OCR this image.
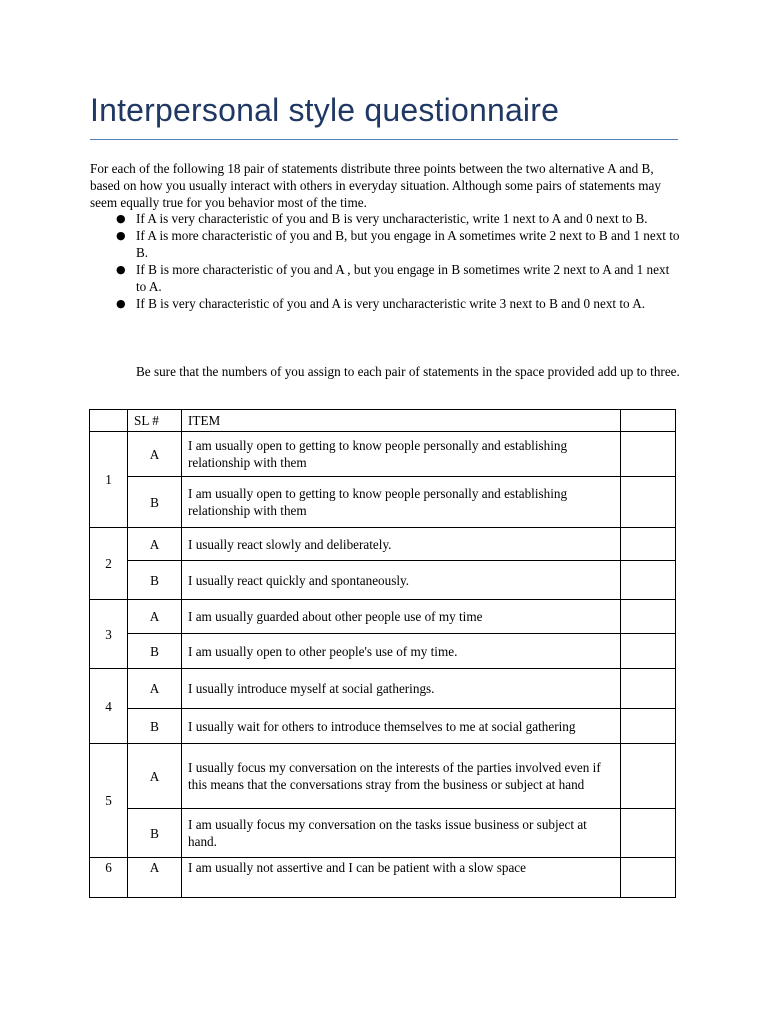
Interpersonal style questionnaire
For each of the following 18 pair of statements distribute three points between the two alternative A and B, based on how you usually interact with others in everyday situation. Although some pairs of statements may seem equally true for you behavior most of the time.
● If A is very characteristic of you and B is very uncharacteristic, write 1 next to A and 0 next to B.
● If A is more characteristic of you and B, but you engage in A sometimes write 2 next to B and 1 next to B.
● If B is more characteristic of you and A , but you engage in B sometimes write 2 next to A and 1 next to A.
● If B is very characteristic of you and A is very uncharacteristic write 3 next to B and 0 next to A.
Be sure that the numbers of you assign to each pair of statements in the space provided add up to three.
	SL #	ITEM	
1	A	I am usually open to getting to know people personally and establishing relationship with them	
	B	I am usually open to getting to know people personally and establishing relationship with them	
2	A	I usually react slowly and deliberately.	
	B	I usually react quickly and spontaneously.	
3	A	I am usually guarded about other people use of my time	
	B	I am usually open to other people's use of my time.	
4	A	I usually introduce myself at social gatherings.	
	B	I usually wait for others to introduce themselves to me at social gathering	
5	A	I usually focus my conversation on the interests of the parties involved even if this means that the conversations stray from the business or subject at hand	
	B	I am usually focus my conversation on the tasks issue business or subject at hand.	
6	A	I am usually not assertive and I can be patient with a slow space	
